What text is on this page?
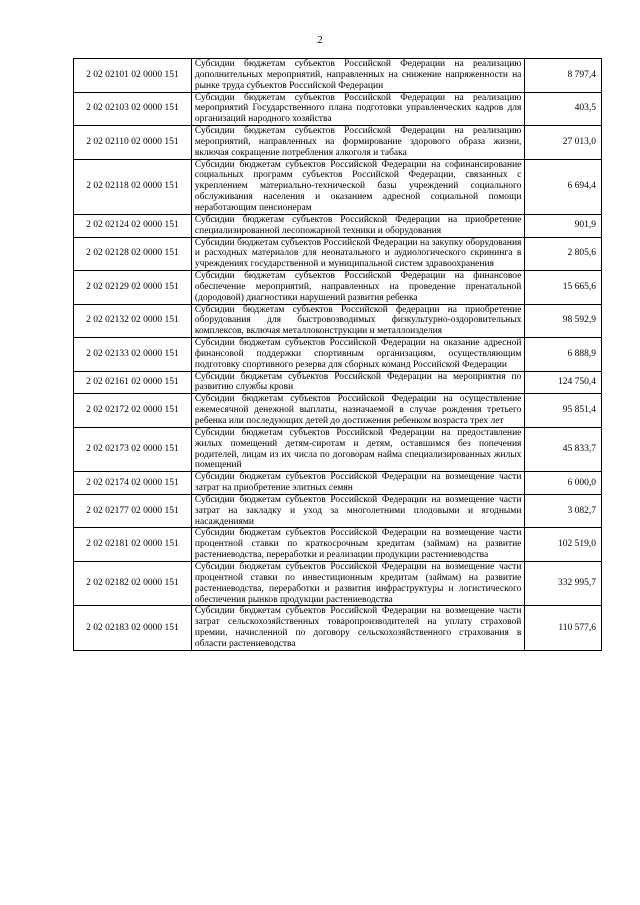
2
2 02 02101 02 0000 151	Субсидии бюджетам субъектов Российской Федерации на реализацию дополнительных мероприятий, направленных на снижение напряженности на рынке труда субъектов Российской Федерации	8 797,4
2 02 02103 02 0000 151	Субсидии бюджетам субъектов Российской Федерации на реализацию мероприятий Государственного плана подготовки управленческих кадров для организаций народного хозяйства	403,5
2 02 02110 02 0000 151	Субсидии бюджетам субъектов Российской Федерации на реализацию мероприятий, направленных на формирование здорового образа жизни, включая сокращение потребления алкоголя и табака	27 013,0
2 02 02118 02 0000 151	Субсидии бюджетам субъектов Российской Федерации на софинансирование социальных программ субъектов Российской Федерации, связанных с укреплением материально-технической базы учреждений социального обслуживания населения и оказанием адресной социальной помощи неработающим пенсионерам	6 694,4
2 02 02124 02 0000 151	Субсидии бюджетам субъектов Российской Федерации на приобретение специализированной лесопожарной техники и оборудования	901,9
2 02 02128 02 0000 151	Субсидии бюджетам субъектов Российской Федерации на закупку оборудования и расходных материалов для неонатального и аудиологического скрининга в учреждениях государственной и муниципальной систем здравоохранения	2 805,6
2 02 02129 02 0000 151	Субсидии бюджетам субъектов Российской Федерации на финансовое обеспечение мероприятий, направленных на проведение пренатальной (дородовой) диагностики нарушений развития ребенка	15 665,6
2 02 02132 02 0000 151	Субсидии бюджетам субъектов Российской федерации на приобретение оборудования для быстровозводимых физкультурно-оздоровительных комплексов, включая металлоконструкции и металлоизделия	98 592,9
2 02 02133 02 0000 151	Субсидии бюджетам субъектов Российской Федерации на оказание адресной финансовой поддержки спортивным организациям, осуществляющим подготовку спортивного резерва для сборных команд Российской Федерации	6 888,9
2 02 02161 02 0000 151	Субсидии бюджетам субъектов Российской Федерации на мероприятия по развитию службы крови	124 750,4
2 02 02172 02 0000 151	Субсидии бюджетам субъектов Российской Федерации на осуществление ежемесячной денежной выплаты, назначаемой в случае рождения третьего ребенка или последующих детей до достижения ребенком возраста трех лет	95 851,4
2 02 02173 02 0000 151	Субсидии бюджетам субъектов Российской Федерации на предоставление жилых помещений детям-сиротам и детям, оставшимся без попечения родителей, лицам из их числа по договорам найма специализированных жилых помещений	45 833,7
2 02 02174 02 0000 151	Субсидии бюджетам субъектов Российской Федерации на возмещение части затрат на приобретение элитных семян	6 000,0
2 02 02177 02 0000 151	Субсидии бюджетам субъектов Российской Федерации на возмещение части затрат на закладку и уход за многолетними плодовыми и ягодными насаждениями	3 082,7
2 02 02181 02 0000 151	Субсидии бюджетам субъектов Российской Федерации на возмещение части процентной ставки по краткосрочным кредитам (займам) на развитие растениеводства, переработки и реализации продукции растениеводства	102 519,0
2 02 02182 02 0000 151	Субсидии бюджетам субъектов Российской Федерации на возмещение части процентной ставки по инвестиционным кредитам (займам) на развитие растениеводства, переработки и развития инфраструктуры и логистического обеспечения рынков продукции растениеводства	332 995,7
2 02 02183 02 0000 151	Субсидии бюджетам субъектов Российской Федерации на возмещение части затрат сельскохозяйственных товаропроизводителей на уплату страховой премии, начисленной по договору сельскохозяйственного страхования в области растениеводства	110 577,6
